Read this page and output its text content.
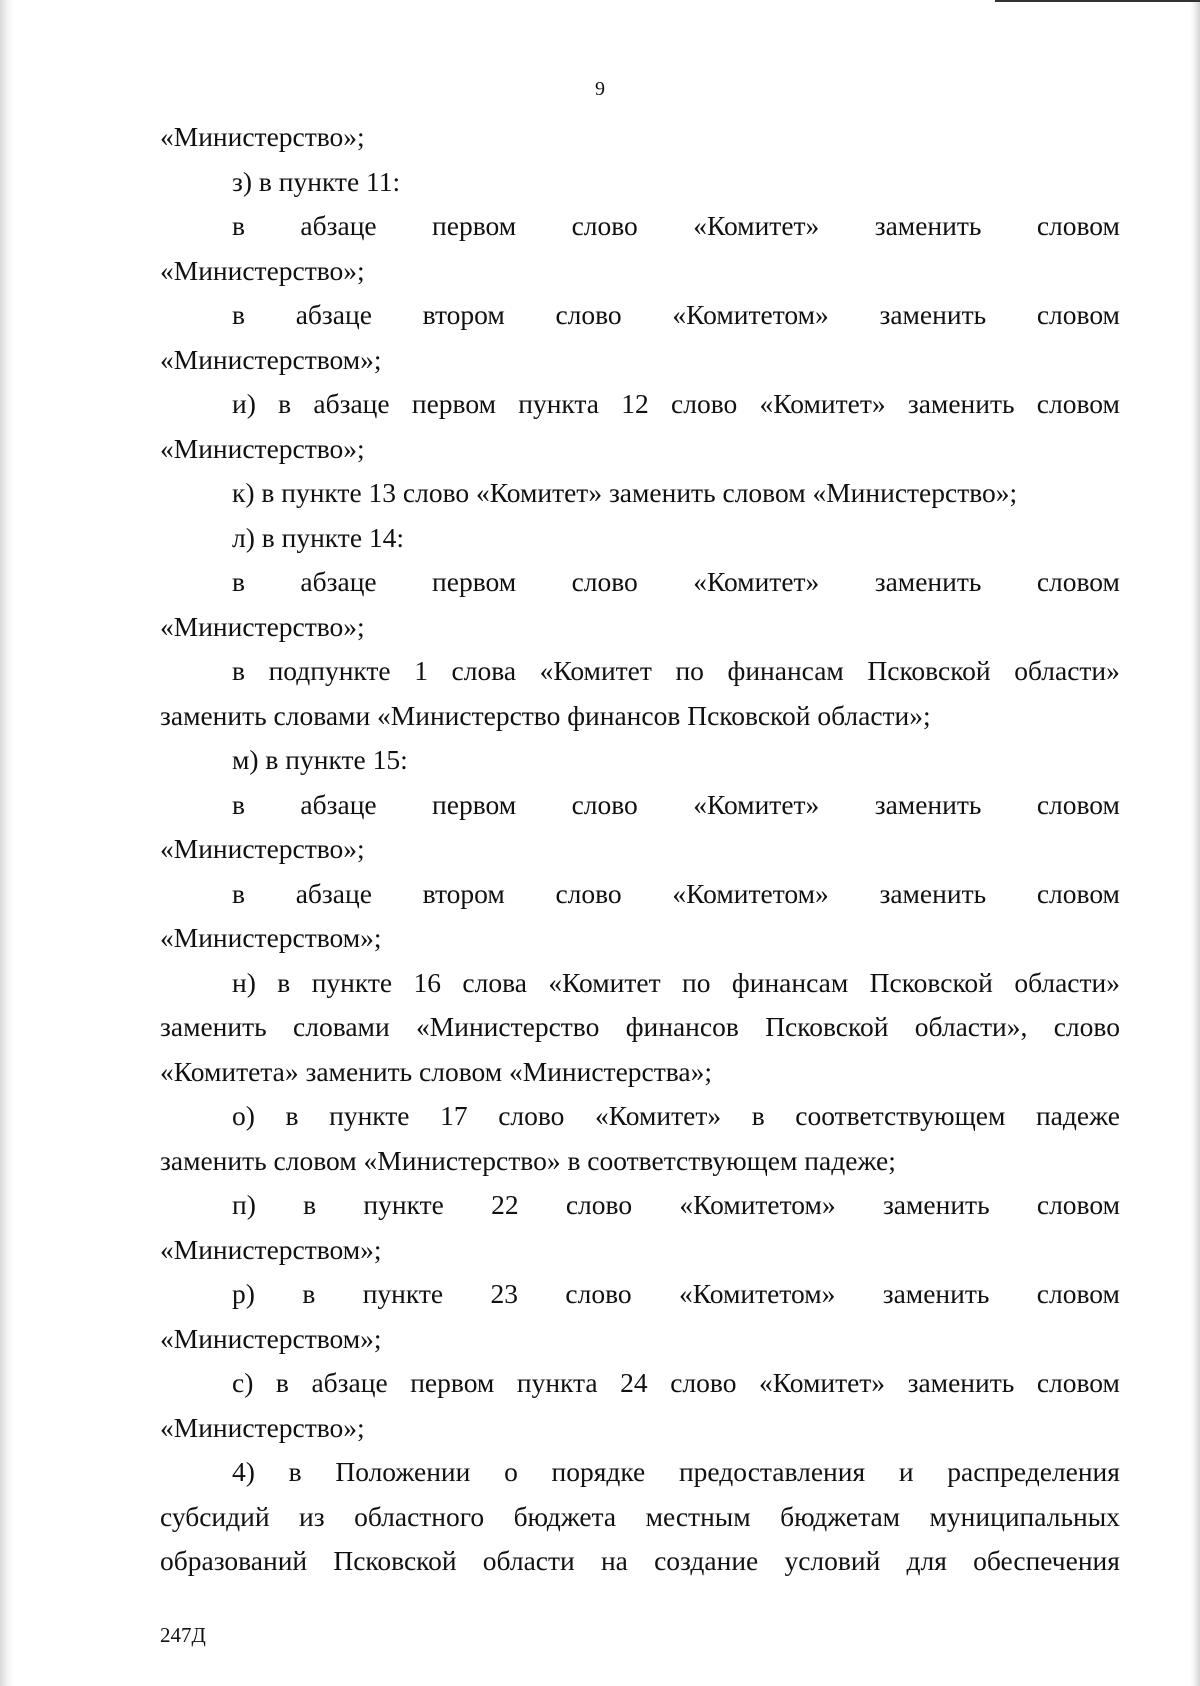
9
«Министерство»;
з) в пункте 11:
в абзаце первом слово «Комитет» заменить словом
«Министерство»;
в абзаце втором слово «Комитетом» заменить словом
«Министерством»;
и) в абзаце первом пункта 12 слово «Комитет» заменить словом
«Министерство»;
к) в пункте 13 слово «Комитет» заменить словом «Министерство»;
л) в пункте 14:
в абзаце первом слово «Комитет» заменить словом
«Министерство»;
в подпункте 1 слова «Комитет по финансам Псковской области»
заменить словами «Министерство финансов Псковской области»;
м) в пункте 15:
в абзаце первом слово «Комитет» заменить словом
«Министерство»;
в абзаце втором слово «Комитетом» заменить словом
«Министерством»;
н) в пункте 16 слова «Комитет по финансам Псковской области»
заменить словами «Министерство финансов Псковской области», слово
«Комитета» заменить словом «Министерства»;
о) в пункте 17 слово «Комитет» в соответствующем падеже
заменить словом «Министерство» в соответствующем падеже;
п) в пункте 22 слово «Комитетом» заменить словом
«Министерством»;
р) в пункте 23 слово «Комитетом» заменить словом
«Министерством»;
с) в абзаце первом пункта 24 слово «Комитет» заменить словом
«Министерство»;
4) в Положении о порядке предоставления и распределения
субсидий из областного бюджета местным бюджетам муниципальных
образований Псковской области на создание условий для обеспечения
247Д
